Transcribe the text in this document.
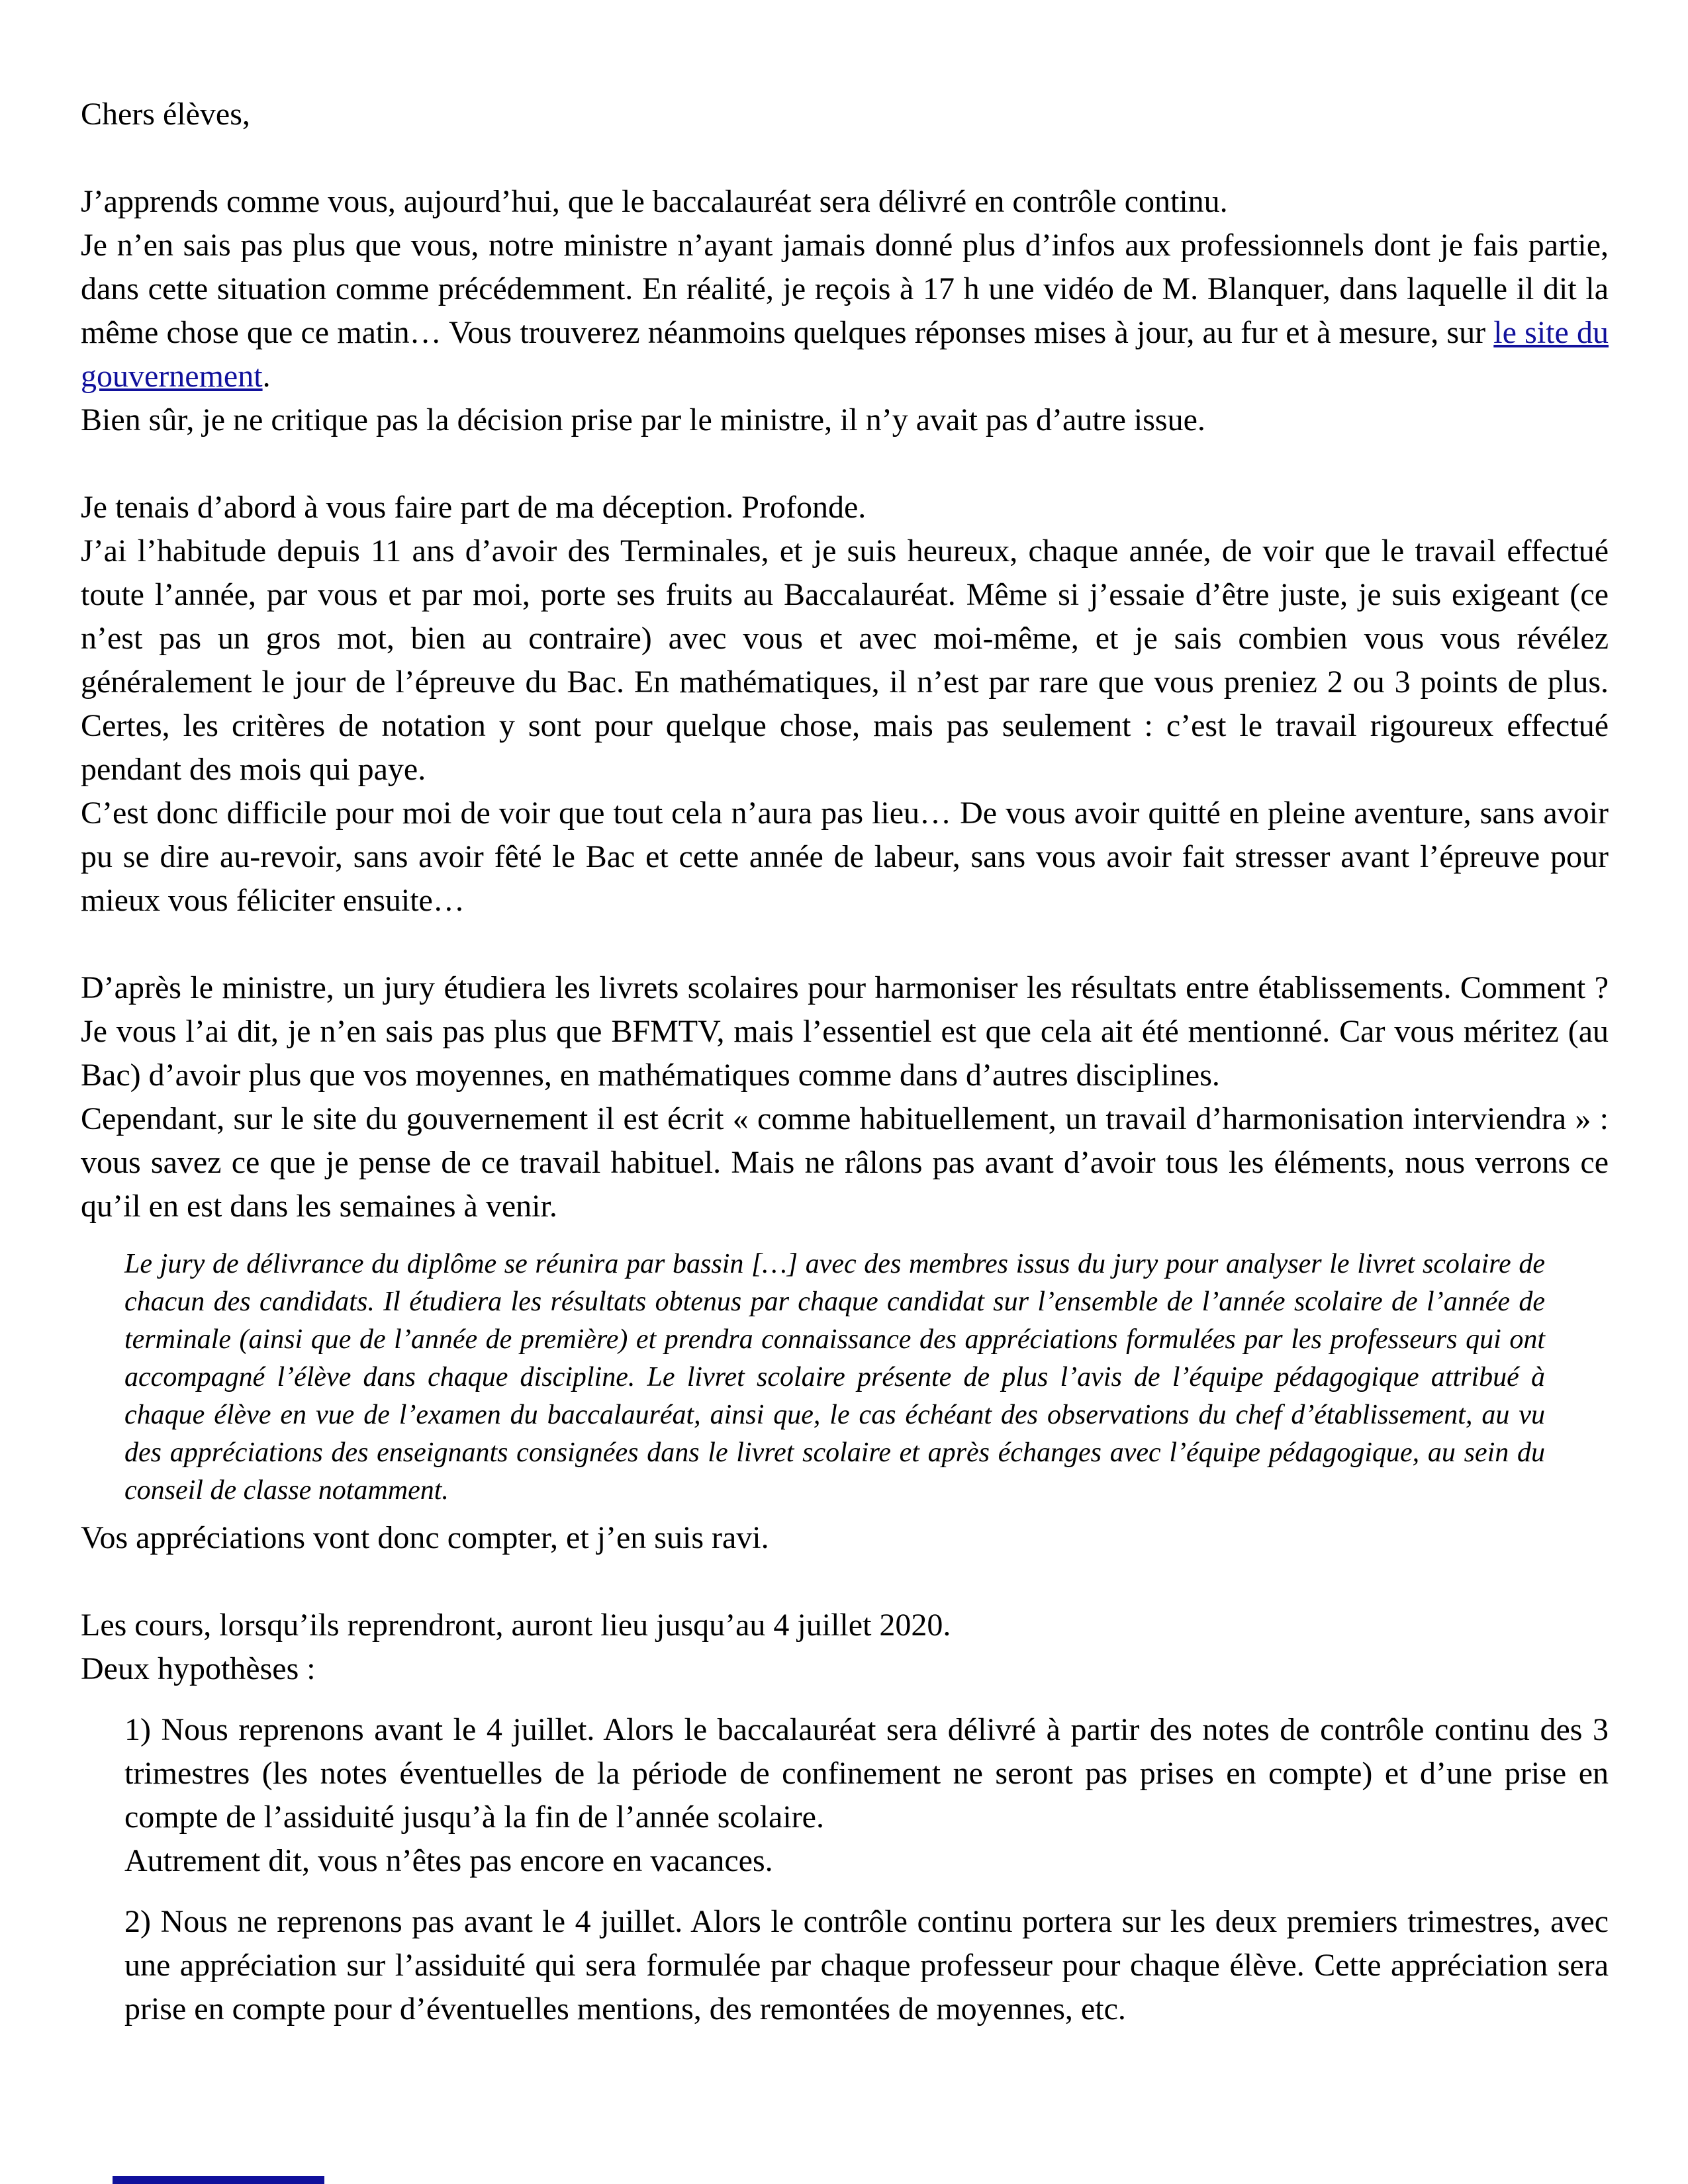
Chers élèves,

J’apprends comme vous, aujourd’hui, que le baccalauréat sera délivré en contrôle continu.
Je n’en sais pas plus que vous, notre ministre n’ayant jamais donné plus d’infos aux professionnels dont je fais partie, dans cette situation comme précédemment. En réalité, je reçois à 17 h une vidéo de M. Blanquer, dans laquelle il dit la même chose que ce matin… Vous trouverez néanmoins quelques réponses mises à jour, au fur et à mesure, sur le site du gouvernement.
Bien sûr, je ne critique pas la décision prise par le ministre, il n’y avait pas d’autre issue.

Je tenais d’abord à vous faire part de ma déception. Profonde.
J’ai l’habitude depuis 11 ans d’avoir des Terminales, et je suis heureux, chaque année, de voir que le travail effectué toute l’année, par vous et par moi, porte ses fruits au Baccalauréat. Même si j’essaie d’être juste, je suis exigeant (ce n’est pas un gros mot, bien au contraire) avec vous et avec moi-même, et je sais combien vous vous révélez généralement le jour de l’épreuve du Bac. En mathématiques, il n’est par rare que vous preniez 2 ou 3 points de plus. Certes, les critères de notation y sont pour quelque chose, mais pas seulement : c’est le travail rigoureux effectué pendant des mois qui paye.
C’est donc difficile pour moi de voir que tout cela n’aura pas lieu… De vous avoir quitté en pleine aventure, sans avoir pu se dire au-revoir, sans avoir fêté le Bac et cette année de labeur, sans vous avoir fait stresser avant l’épreuve pour mieux vous féliciter ensuite…

D’après le ministre, un jury étudiera les livrets scolaires pour harmoniser les résultats entre établissements. Comment ? Je vous l’ai dit, je n’en sais pas plus que BFMTV, mais l’essentiel est que cela ait été mentionné. Car vous méritez (au Bac) d’avoir plus que vos moyennes, en mathématiques comme dans d’autres disciplines.
Cependant, sur le site du gouvernement il est écrit « comme habituellement, un travail d’harmonisation interviendra » : vous savez ce que je pense de ce travail habituel. Mais ne râlons pas avant d’avoir tous les éléments, nous verrons ce qu’il en est dans les semaines à venir.

Le jury de délivrance du diplôme se réunira par bassin […] avec des membres issus du jury pour analyser le livret scolaire de chacun des candidats. Il étudiera les résultats obtenus par chaque candidat sur l’ensemble de l’année scolaire de l’année de terminale (ainsi que de l’année de première) et prendra connaissance des appréciations formulées par les professeurs qui ont accompagné l’élève dans chaque discipline. Le livret scolaire présente de plus l’avis de l’équipe pédagogique attribué à chaque élève en vue de l’examen du baccalauréat, ainsi que, le cas échéant des observations du chef d’établissement, au vu des appréciations des enseignants consignées dans le livret scolaire et après échanges avec l’équipe pédagogique, au sein du conseil de classe notamment.

Vos appréciations vont donc compter, et j’en suis ravi.

Les cours, lorsqu’ils reprendront, auront lieu jusqu’au 4 juillet 2020.
Deux hypothèses :

1) Nous reprenons avant le 4 juillet. Alors le baccalauréat sera délivré à partir des notes de contrôle continu des 3 trimestres (les notes éventuelles de la période de confinement ne seront pas prises en compte) et d’une prise en compte de l’assiduité jusqu’à la fin de l’année scolaire.
Autrement dit, vous n’êtes pas encore en vacances.

2) Nous ne reprenons pas avant le 4 juillet. Alors le contrôle continu portera sur les deux premiers trimestres, avec une appréciation sur l’assiduité qui sera formulée par chaque professeur pour chaque élève. Cette appréciation sera prise en compte pour d’éventuelles mentions, des remontées de moyennes, etc.
